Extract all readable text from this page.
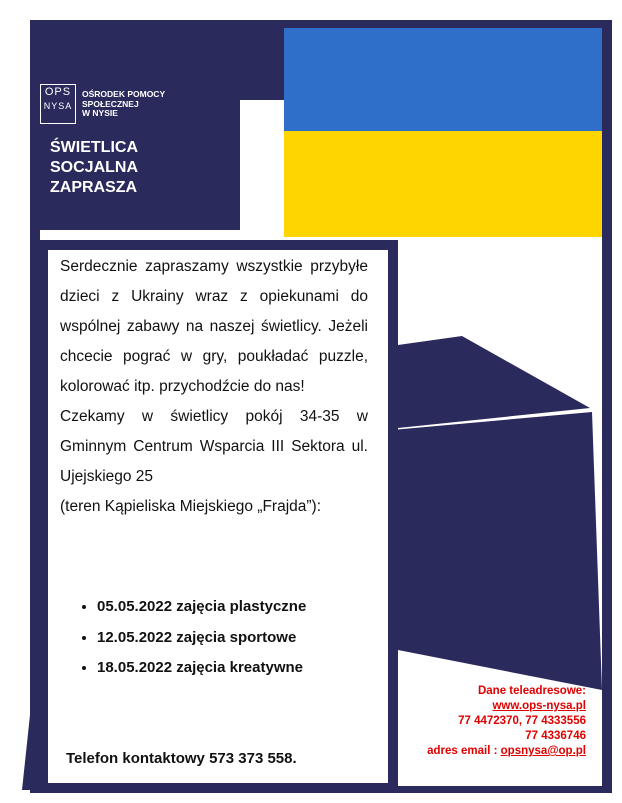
OPS
NYSA
OŚRODEK POMOCY
SPOŁECZNEJ
W NYSIE
ŚWIETLICA
SOCJALNA
ZAPRASZA

Serdecznie zapraszamy wszystkie przybyłe dzieci z Ukrainy wraz z opiekunami do wspólnej zabawy na naszej świetlicy. Jeżeli chcecie pograć w gry, poukładać puzzle, kolorować itp. przychodźcie do nas!

Czekamy w świetlicy pokój 34-35 w Gminnym Centrum Wsparcia III Sektora ul. Ujejskiego 25

(teren Kąpieliska Miejskiego „Frajda”):

• 05.05.2022 zajęcia plastyczne
• 12.05.2022 zajęcia sportowe
• 18.05.2022 zajęcia kreatywne
Telefon kontaktowy 573 373 558.
Dane teleadresowe:
www.ops-nysa.pl
77 4472370, 77 4333556
77 4336746
adres email : opsnysa@op.pl
